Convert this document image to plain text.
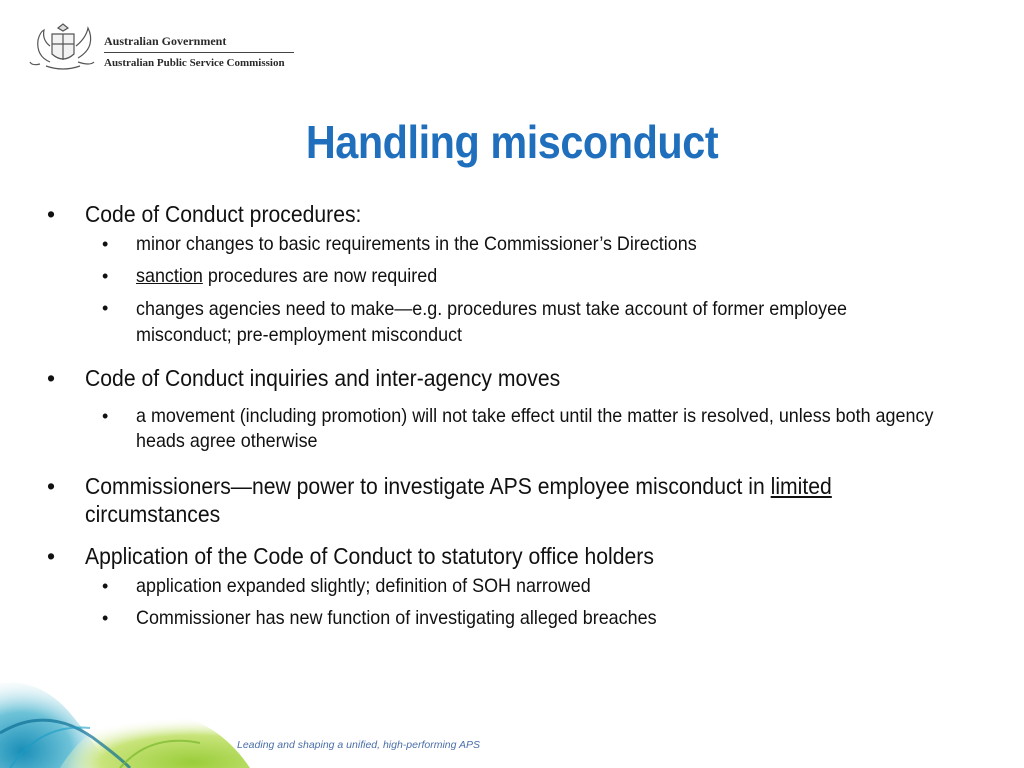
Australian Government
Australian Public Service Commission
Handling misconduct
• Code of Conduct procedures:
• minor changes to basic requirements in the Commissioner’s Directions
• sanction procedures are now required
• changes agencies need to make—e.g. procedures must take account of former employee misconduct; pre-employment misconduct
• Code of Conduct inquiries and inter-agency moves
• a movement (including promotion) will not take effect until the matter is resolved, unless both agency heads agree otherwise
• Commissioners—new power to investigate APS employee misconduct in limited circumstances
• Application of the Code of Conduct to statutory office holders
• application expanded slightly; definition of SOH narrowed
• Commissioner has new function of investigating alleged breaches
Leading and shaping a unified, high-performing APS
